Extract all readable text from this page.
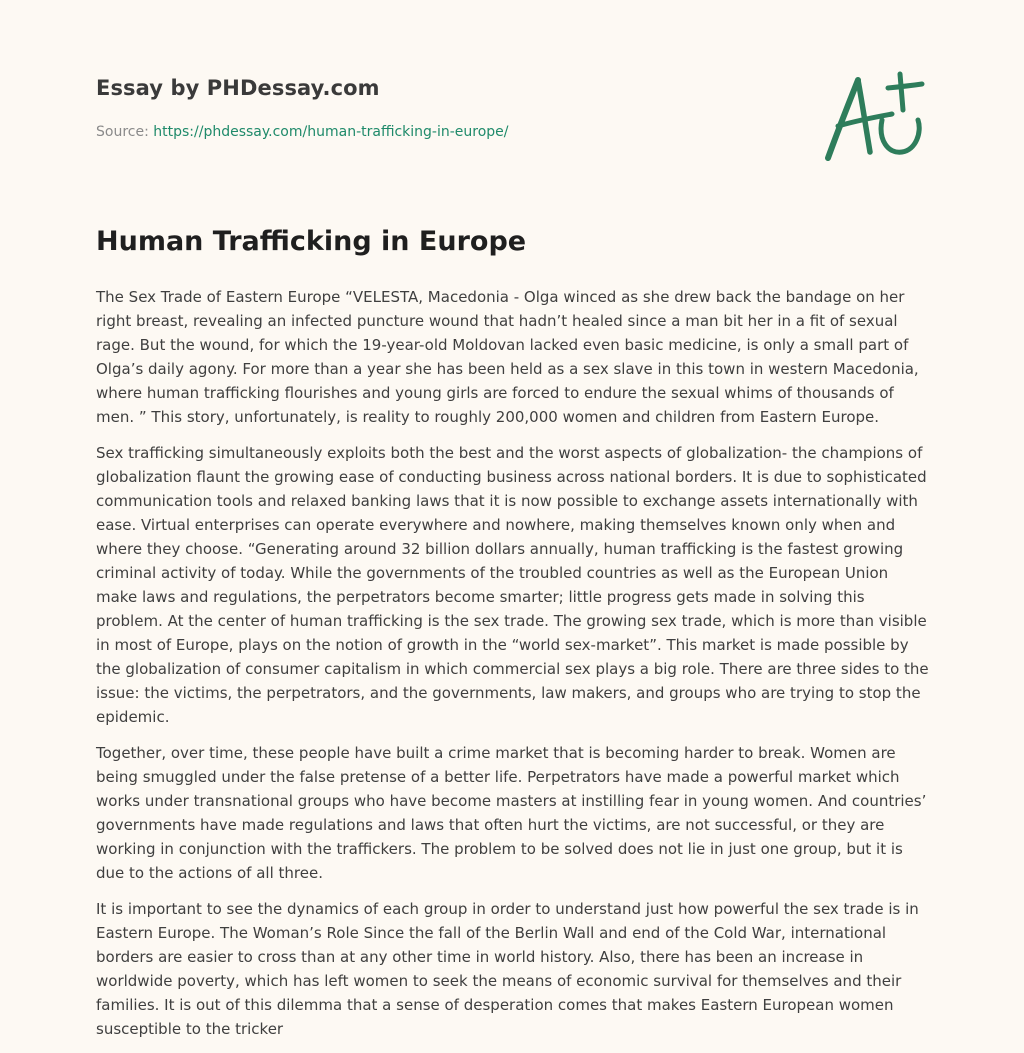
Essay by PHDessay.com
Source: https://phdessay.com/human-trafficking-in-europe/
Human Trafficking in Europe

The Sex Trade of Eastern Europe “VELESTA, Macedonia - Olga winced as she drew back the bandage on her right breast, revealing an infected puncture wound that hadn’t healed since a man bit her in a fit of sexual rage. But the wound, for which the 19-year-old Moldovan lacked even basic medicine, is only a small part of Olga’s daily agony. For more than a year she has been held as a sex slave in this town in western Macedonia, where human trafficking flourishes and young girls are forced to endure the sexual whims of thousands of men. ” This story, unfortunately, is reality to roughly 200,000 women and children from Eastern Europe.

Sex trafficking simultaneously exploits both the best and the worst aspects of globalization- the champions of globalization flaunt the growing ease of conducting business across national borders. It is due to sophisticated communication tools and relaxed banking laws that it is now possible to exchange assets internationally with ease. Virtual enterprises can operate everywhere and nowhere, making themselves known only when and where they choose. “Generating around 32 billion dollars annually, human trafficking is the fastest growing criminal activity of today. While the governments of the troubled countries as well as the European Union make laws and regulations, the perpetrators become smarter; little progress gets made in solving this problem. At the center of human trafficking is the sex trade. The growing sex trade, which is more than visible in most of Europe, plays on the notion of growth in the “world sex-market”. This market is made possible by the globalization of consumer capitalism in which commercial sex plays a big role. There are three sides to the issue: the victims, the perpetrators, and the governments, law makers, and groups who are trying to stop the epidemic.

Together, over time, these people have built a crime market that is becoming harder to break. Women are being smuggled under the false pretense of a better life. Perpetrators have made a powerful market which works under transnational groups who have become masters at instilling fear in young women. And countries’ governments have made regulations and laws that often hurt the victims, are not successful, or they are working in conjunction with the traffickers. The problem to be solved does not lie in just one group, but it is due to the actions of all three.

It is important to see the dynamics of each group in order to understand just how powerful the sex trade is in Eastern Europe. The Woman’s Role Since the fall of the Berlin Wall and end of the Cold War, international borders are easier to cross than at any other time in world history. Also, there has been an increase in worldwide poverty, which has left women to seek the means of economic survival for themselves and their families. It is out of this dilemma that a sense of desperation comes that makes Eastern European women susceptible to the tricker
